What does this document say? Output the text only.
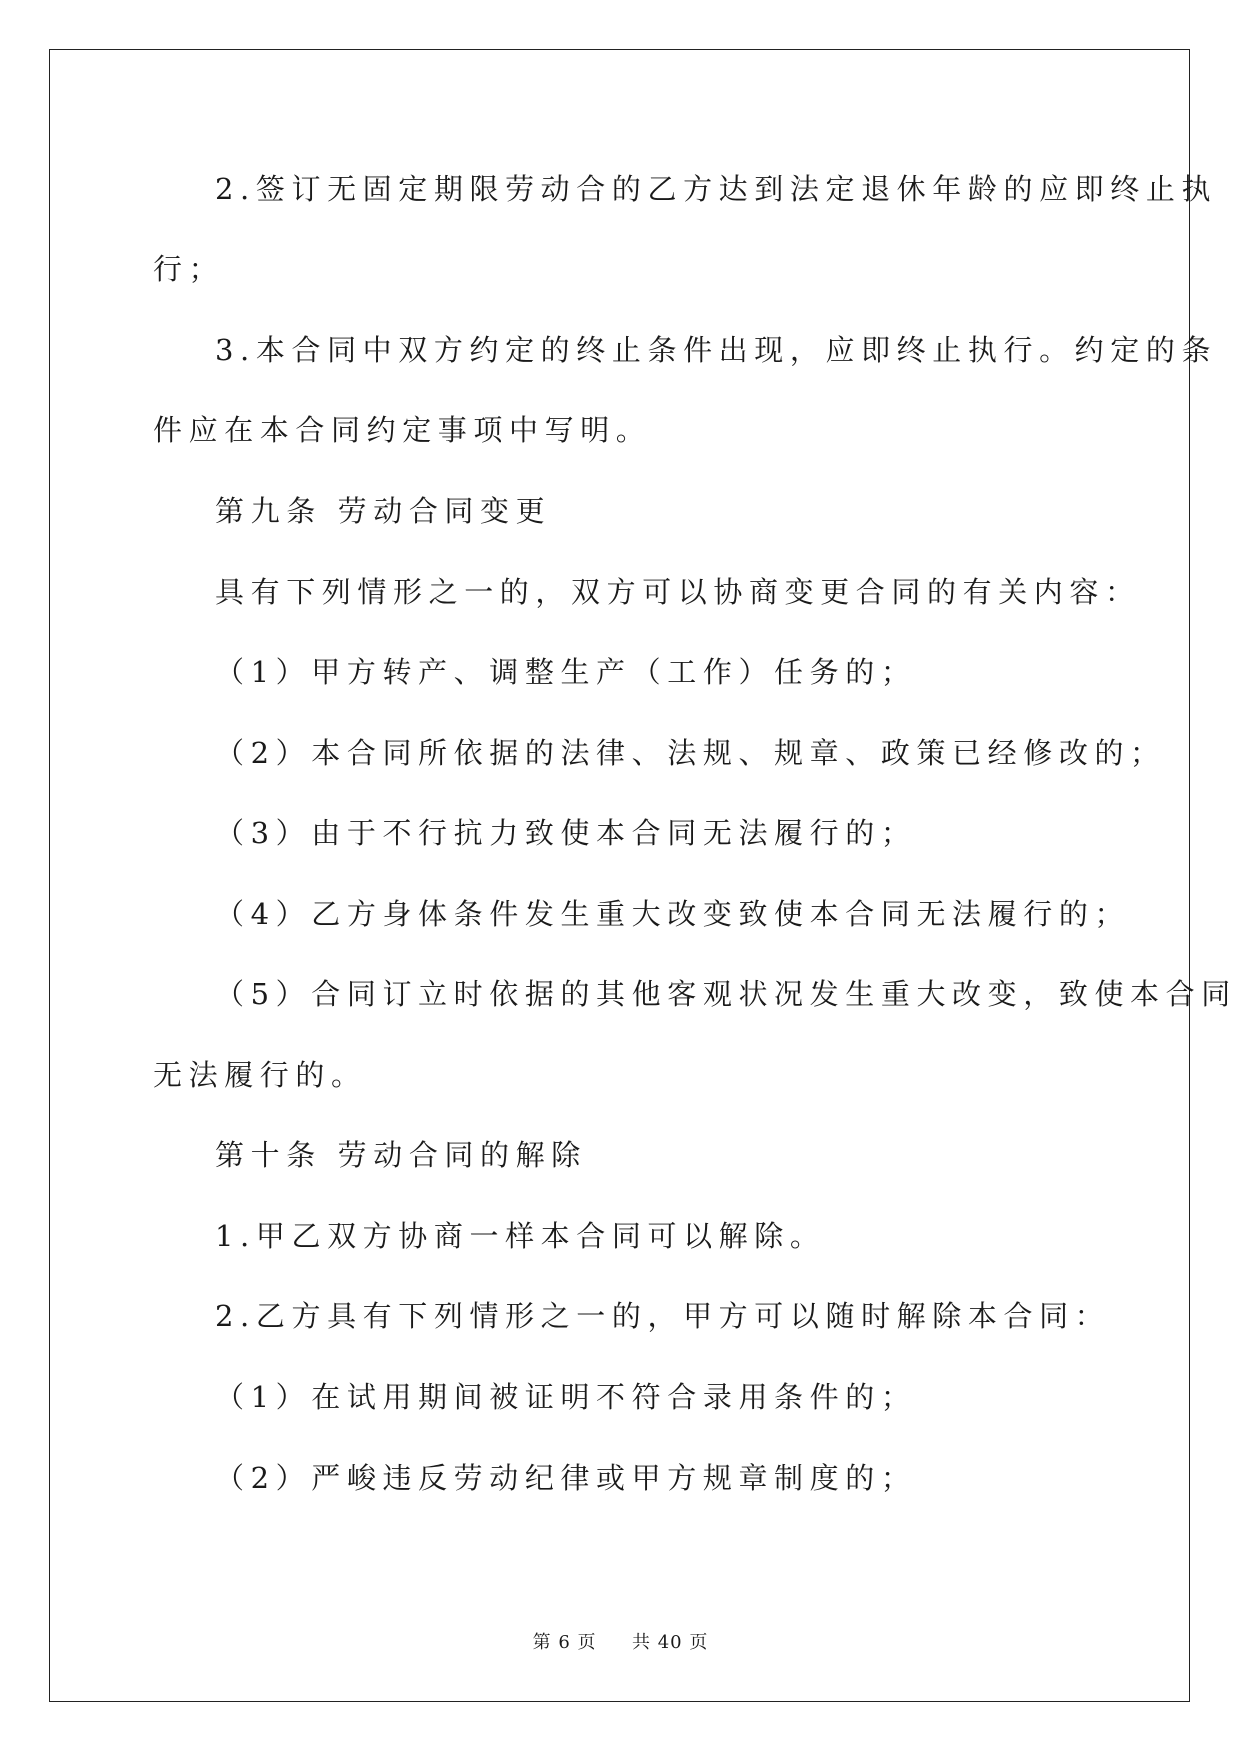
2.签订无固定期限劳动合的乙方达到法定退休年龄的应即终止执
行；
3.本合同中双方约定的终止条件出现，应即终止执行。约定的条
件应在本合同约定事项中写明。
第九条 劳动合同变更
具有下列情形之一的，双方可以协商变更合同的有关内容：
（1）甲方转产、调整生产（工作）任务的；
（2）本合同所依据的法律、法规、规章、政策已经修改的；
（3）由于不行抗力致使本合同无法履行的；
（4）乙方身体条件发生重大改变致使本合同无法履行的；
（5）合同订立时依据的其他客观状况发生重大改变，致使本合同
无法履行的。
第十条 劳动合同的解除
1.甲乙双方协商一样本合同可以解除。
2.乙方具有下列情形之一的，甲方可以随时解除本合同：
（1）在试用期间被证明不符合录用条件的；
（2）严峻违反劳动纪律或甲方规章制度的；
第 6 页 共 40 页
